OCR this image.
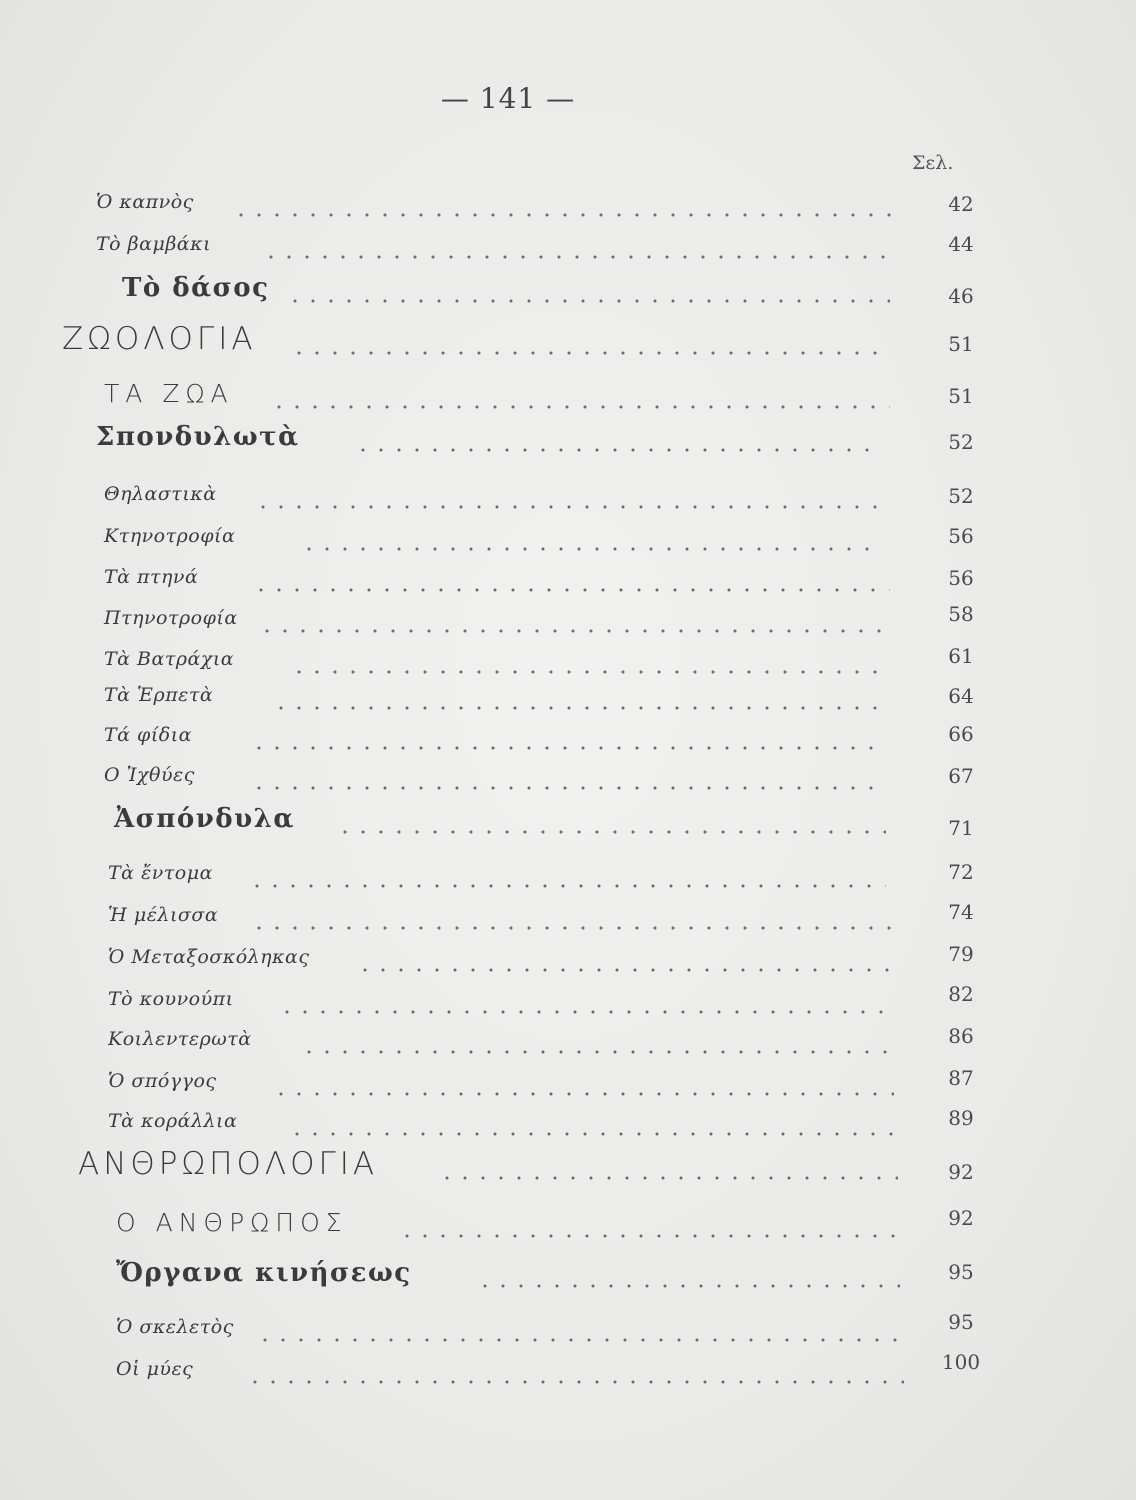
— 141 —
Σελ.
Ὁ καπνὸς	42
Τὸ βαμβάκι	44
Τὸ δάσος	46
ΖΩΟΛΟΓΙΑ	51
ΤΑ ΖΩΑ	51
Σπονδυλωτὰ	52
Θηλαστικὰ	52
Κτηνοτροφία	56
Τὰ πτηνά	56
Πτηνοτροφία	58
Τὰ Βατράχια	61
Τὰ Ἑρπετὰ	64
Τά φίδια	66
Ο Ἰχθύες	67
Ἀσπόνδυλα	71
Τὰ ἔντομα	72
Ἡ μέλισσα	74
Ὁ Μεταξοσκόληκας	79
Τὸ κουνούπι	82
Κοιλεντερωτὰ	86
Ὁ σπόγγος	87
Τὰ κοράλλια	89
ΑΝΘΡΩΠΟΛΟΓΙΑ	92
Ο ΑΝΘΡΩΠΟΣ	92
Ὄργανα κινήσεως	95
Ὁ σκελετὸς	95
Οἱ μύες	100
